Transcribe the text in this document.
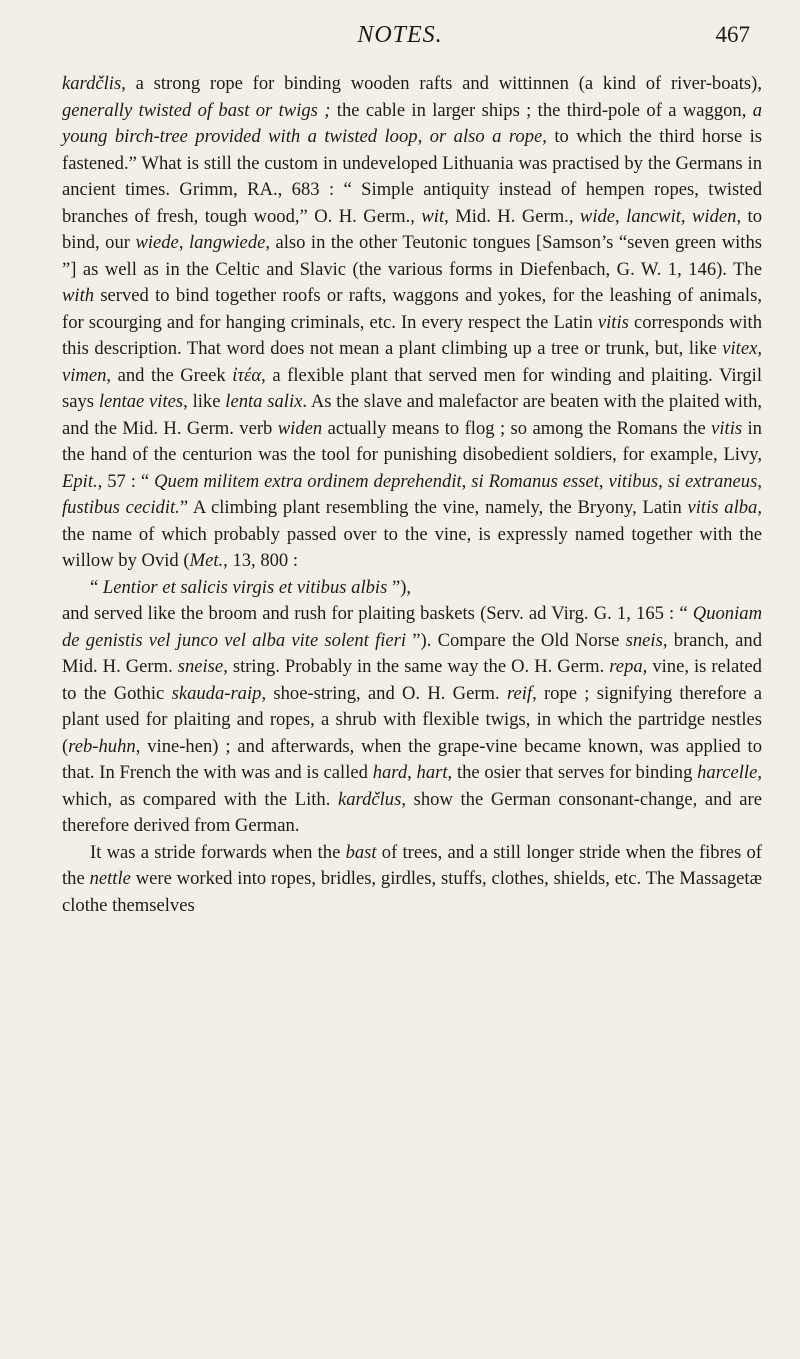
NOTES.	467

kardčlis, a strong rope for binding wooden rafts and wittinnen (a kind of river-boats), generally twisted of bast or twigs ; the cable in larger ships ; the third-pole of a waggon, a young birch-tree provided with a twisted loop, or also a rope, to which the third horse is fastened.” What is still the custom in undeveloped Lithuania was practised by the Germans in ancient times. Grimm, RA., 683 : “ Simple antiquity instead of hempen ropes, twisted branches of fresh, tough wood,” O. H. Germ., wit, Mid. H. Germ., wide, lancwit, widen, to bind, our wiede, langwiede, also in the other Teutonic tongues [Samson’s “seven green withs ”] as well as in the Celtic and Slavic (the various forms in Diefenbach, G. W. 1, 146). The with served to bind together roofs or rafts, waggons and yokes, for the leashing of animals, for scourging and for hanging criminals, etc. In every respect the Latin vitis corresponds with this description. That word does not mean a plant climbing up a tree or trunk, but, like vitex, vimen, and the Greek ἰτέα, a flexible plant that served men for winding and plaiting. Virgil says lentae vites, like lenta salix. As the slave and malefactor are beaten with the plaited with, and the Mid. H. Germ. verb widen actually means to flog ; so among the Romans the vitis in the hand of the centurion was the tool for punishing disobedient soldiers, for example, Livy, Epit., 57 : “ Quem militem extra ordinem deprehendit, si Romanus esset, vitibus, si extraneus, fustibus cecidit.” A climbing plant resembling the vine, namely, the Bryony, Latin vitis alba, the name of which probably passed over to the vine, is expressly named together with the willow by Ovid (Met., 13, 800 :

“ Lentior et salicis virgis et vitibus albis ”),

and served like the broom and rush for plaiting baskets (Serv. ad Virg. G. 1, 165 : “ Quoniam de genistis vel junco vel alba vite solent fieri ”). Compare the Old Norse sneis, branch, and Mid. H. Germ. sneise, string. Probably in the same way the O. H. Germ. repa, vine, is related to the Gothic skauda-raip, shoe-string, and O. H. Germ. reif, rope ; signifying therefore a plant used for plaiting and ropes, a shrub with flexible twigs, in which the partridge nestles (reb-huhn, vine-hen) ; and afterwards, when the grape-vine became known, was applied to that. In French the with was and is called hard, hart, the osier that serves for binding harcelle, which, as compared with the Lith. kardčlus, show the German consonant-change, and are therefore derived from German.

It was a stride forwards when the bast of trees, and a still longer stride when the fibres of the nettle were worked into ropes, bridles, girdles, stuffs, clothes, shields, etc. The Massagetæ clothe themselves
